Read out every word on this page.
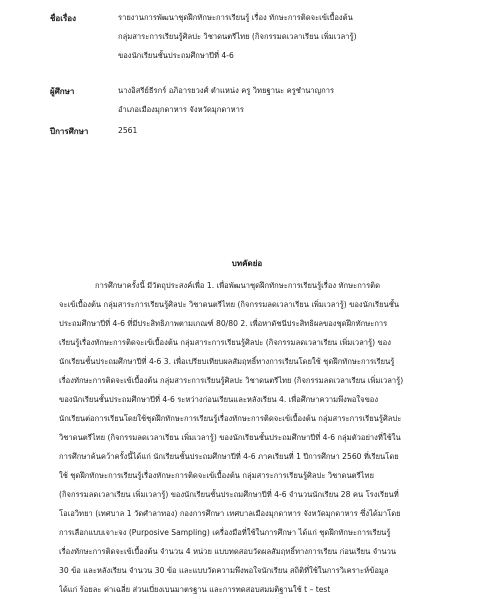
ชื่อเรื่อง	รายงานการพัฒนาชุดฝึกทักษะการเรียนรู้ เรื่อง ทักษะการติดจะเข้เบื้องต้น
กลุ่มสาระการเรียนรู้ศิลปะ วิชาดนตรีไทย (กิจกรรมดเวลาเรียน เพิ่มเวลารู้)
ของนักเรียนชั้นประถมศึกษาปีที่ 4-6
ผู้ศึกษา	นางอิสรีย์ธีรกร์ อภิอารยวงศ์ ตำแหน่ง ครู วิทยฐานะ ครูชำนาญการ
อำเภอเมืองมุกดาหาร จังหวัดมุกดาหาร
ปีการศึกษา	2561
บทคัดย่อ
การศึกษาครั้งนี้ มีวัตถุประสงค์เพื่อ 1. เพื่อพัฒนาชุดฝึกทักษะการเรียนรู้เรื่อง ทักษะการติด
จะเข้เบื้องต้น กลุ่มสาระการเรียนรู้ศิลปะ วิชาดนตรีไทย (กิจกรรมลดเวลาเรียน เพิ่มเวลารู้) ของนักเรียนชั้น
ประถมศึกษาปีที่ 4-6 ที่มีประสิทธิภาพตามเกณฑ์ 80/80 2. เพื่อหาดัชนีประสิทธิผลของชุดฝึกทักษะการ
เรียนรู้เรื่องทักษะการติดจะเข้เบื้องต้น กลุ่มสาระการเรียนรู้ศิลปะ (กิจกรรมลดเวลาเรียน เพิ่มเวลารู้) ของ
นักเรียนชั้นประถมศึกษาปีที่ 4-6 3. เพื่อเปรียบเทียบผลสัมฤทธิ์ทางการเรียนโดยใช้ ชุดฝึกทักษะการเรียนรู้
เรื่องทักษะการติดจะเข้เบื้องต้น กลุ่มสาระการเรียนรู้ศิลปะ วิชาดนตรีไทย (กิจกรรมลดเวลาเรียน เพิ่มเวลารู้)
ของนักเรียนชั้นประถมศึกษาปีที่ 4-6 ระหว่างก่อนเรียนและหลังเรียน 4. เพื่อศึกษาความพึงพอใจของ
นักเรียนต่อการเรียนโดยใช้ชุดฝึกทักษะการเรียนรู้เรื่องทักษะการติดจะเข้เบื้องต้น กลุ่มสาระการเรียนรู้ศิลปะ
วิชาดนตรีไทย (กิจกรรมลดเวลาเรียน เพิ่มเวลารู้) ของนักเรียนชั้นประถมศึกษาปีที่ 4-6 กลุ่มตัวอย่างที่ใช้ใน
การศึกษาค้นคว้าครั้งนี้ได้แก่ นักเรียนชั้นประถมศึกษาปีที่ 4-6 ภาคเรียนที่ 1 ปีการศึกษา 2560 ที่เรียนโดย
ใช้ ชุดฝึกทักษะการเรียนรู้เรื่องทักษะการติดจะเข้เบื้องต้น กลุ่มสาระการเรียนรู้ศิลปะ วิชาดนตรีไทย
(กิจกรรมลดเวลาเรียน เพิ่มเวลารู้) ของนักเรียนชั้นประถมศึกษาปีที่ 4-6 จำนวนนักเรียน 28 คน โรงเรียนที่
โอเอวิทยา (เทศบาล 1 วัดศำลาทอง) กองการศึกษา เทศบาลเมืองมุกดาหาร จังหวัดมุกดาหาร ซึ่งได้มาโดย
การเลือกแบบเจาะจง (Purposive Sampling) เครื่องมือที่ใช้ในการศึกษา ได้แก่ ชุดฝึกทักษะการเรียนรู้
เรื่องทักษะการติดจะเข้เบื้องต้น จำนวน 4 หน่วย แบบทดสอบวัดผลสัมฤทธิ์ทางการเรียน ก่อนเรียน จำนวน
30 ข้อ และหลังเรียน จำนวน 30 ข้อ และแบบวัดความพึงพอใจนักเรียน สถิติที่ใช้ในการวิเคราะห์ข้อมูล
ได้แก่ ร้อยละ ค่าเฉลี่ย ส่วนเบี่ยงเบนมาตรฐาน และการทดสอบสมมติฐานใช้ t – test
